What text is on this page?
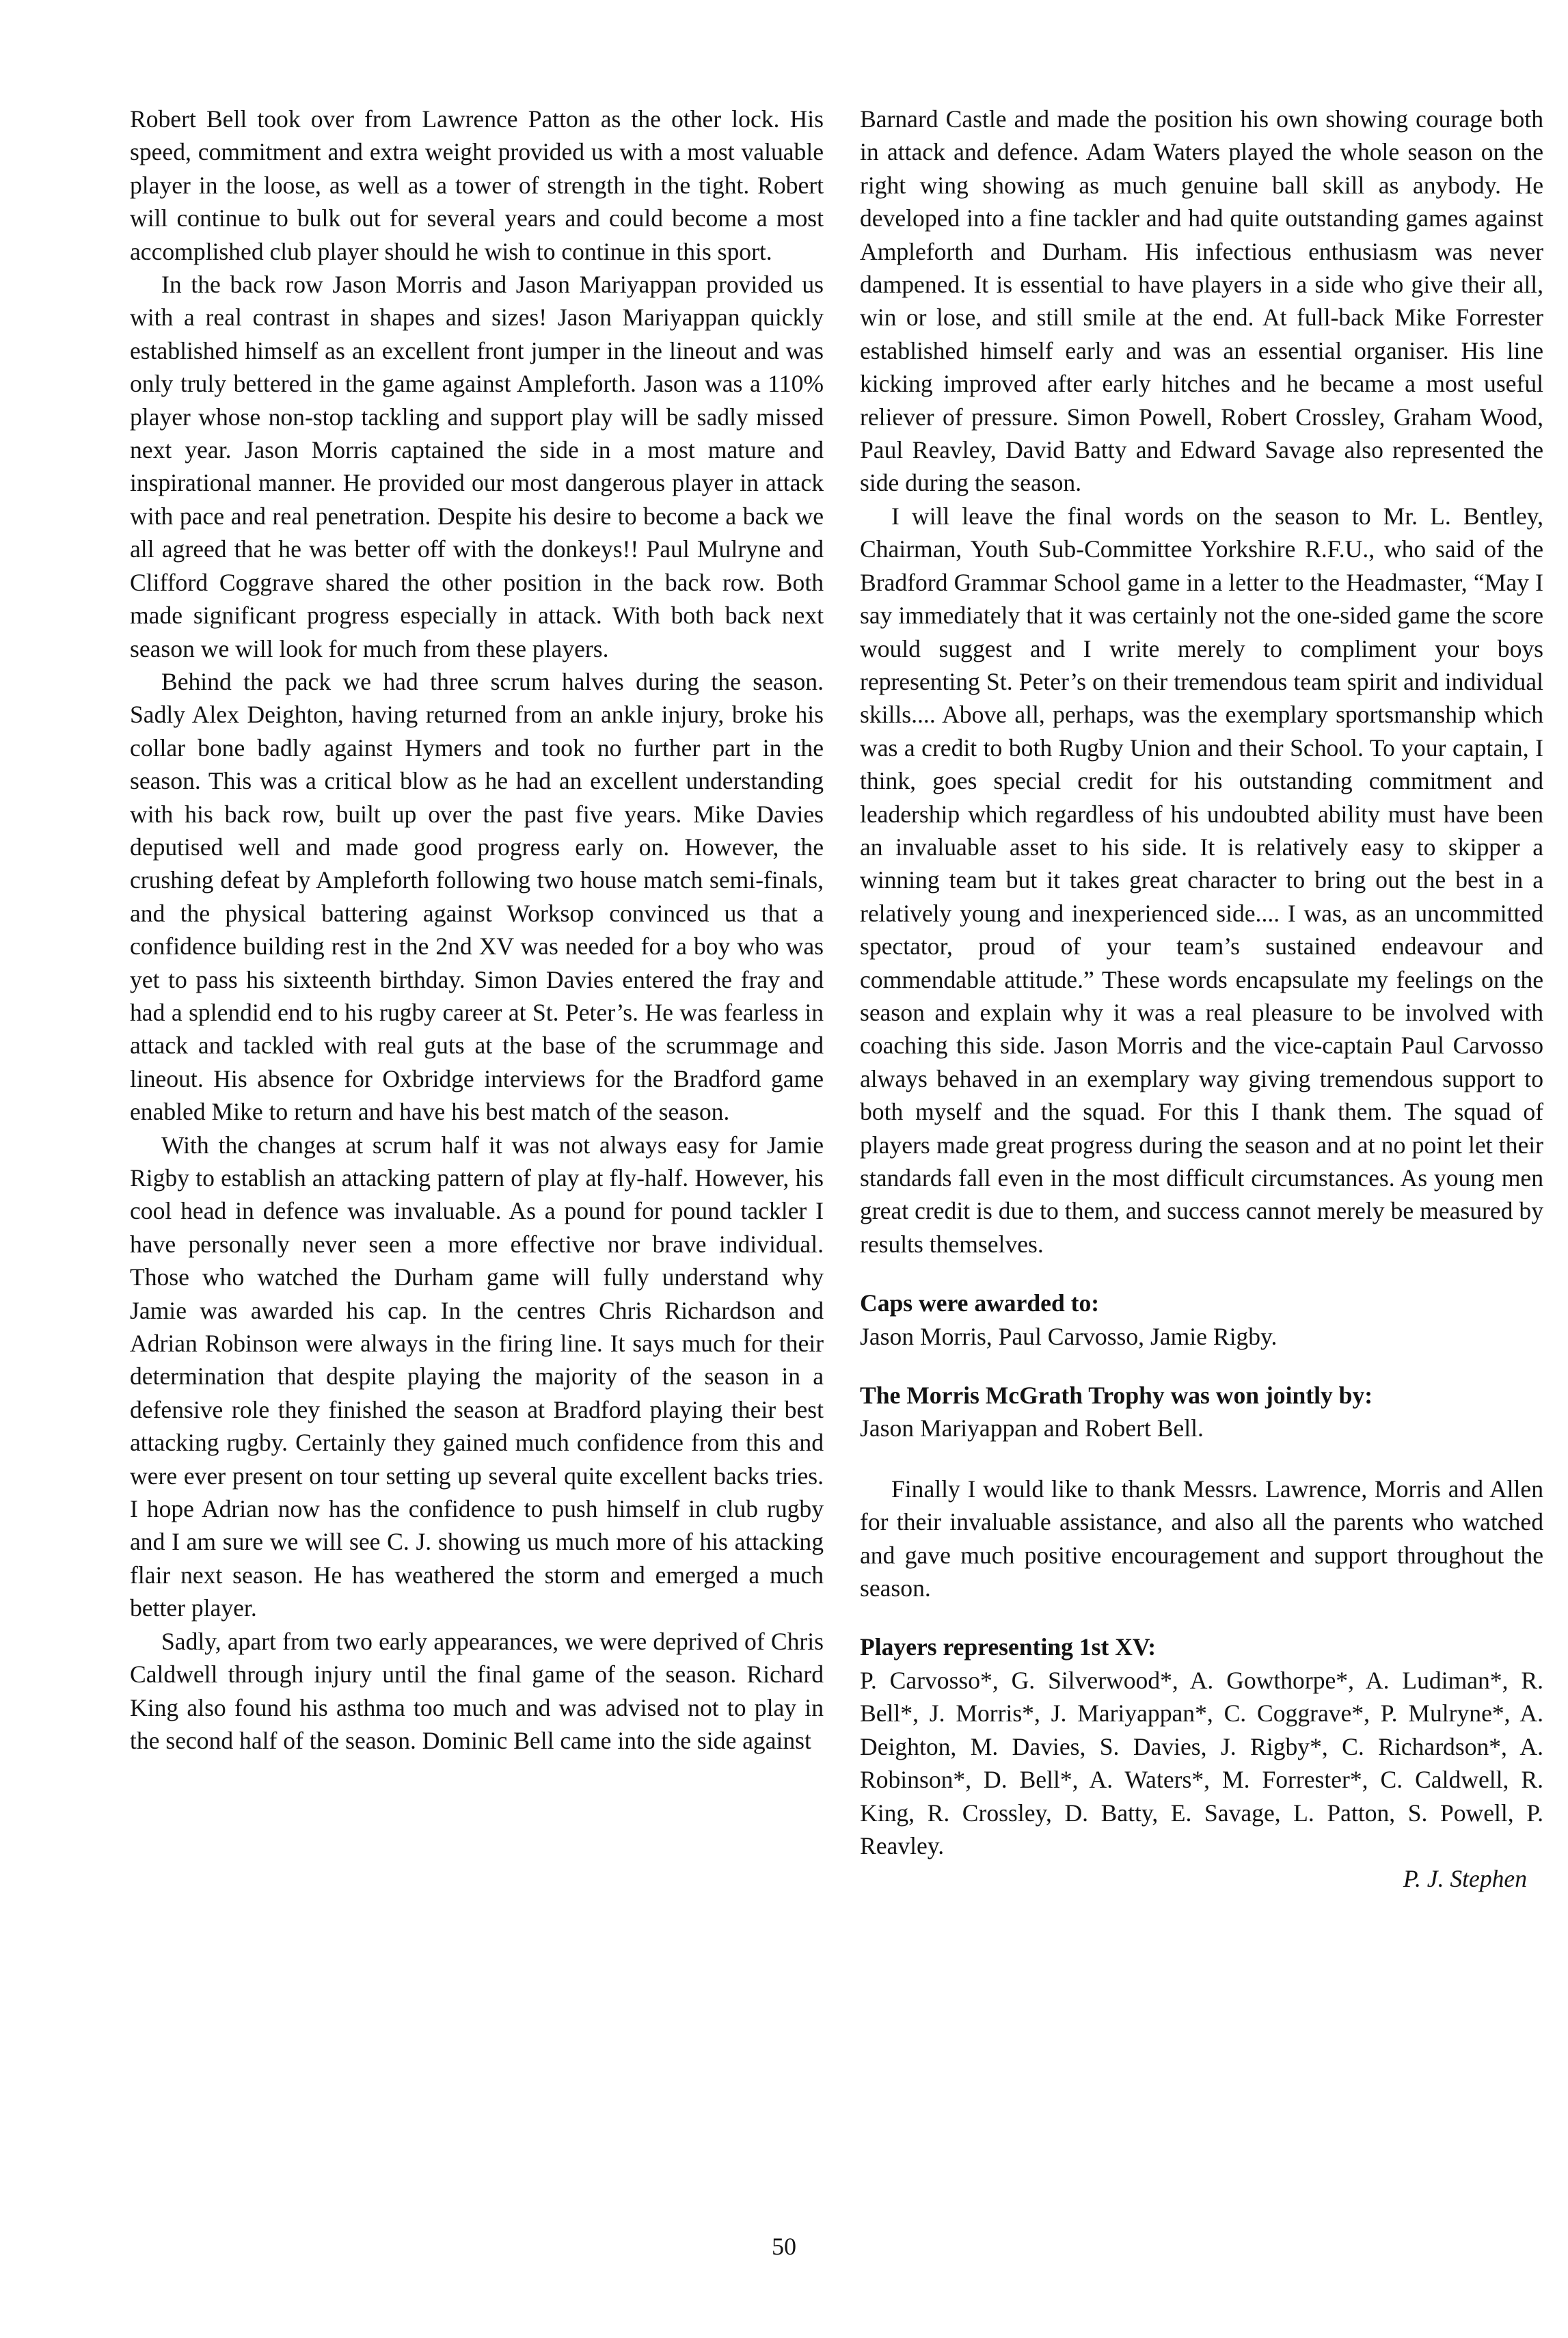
Robert Bell took over from Lawrence Patton as the other lock. His speed, commitment and extra weight provided us with a most valuable player in the loose, as well as a tower of strength in the tight. Robert will continue to bulk out for several years and could become a most accomplished club player should he wish to continue in this sport.

In the back row Jason Morris and Jason Mariyappan provided us with a real contrast in shapes and sizes! Jason Mariyappan quickly established himself as an excellent front jumper in the lineout and was only truly bettered in the game against Ampleforth. Jason was a 110% player whose non-stop tackling and support play will be sadly missed next year. Jason Morris captained the side in a most mature and inspirational manner. He provided our most dangerous player in attack with pace and real penetration. Despite his desire to become a back we all agreed that he was better off with the donkeys!! Paul Mulryne and Clifford Coggrave shared the other position in the back row. Both made significant progress especially in attack. With both back next season we will look for much from these players.

Behind the pack we had three scrum halves during the season. Sadly Alex Deighton, having returned from an ankle injury, broke his collar bone badly against Hymers and took no further part in the season. This was a critical blow as he had an excellent understanding with his back row, built up over the past five years. Mike Davies deputised well and made good progress early on. However, the crushing defeat by Ampleforth following two house match semi-finals, and the physical battering against Worksop convinced us that a confidence building rest in the 2nd XV was needed for a boy who was yet to pass his sixteenth birthday. Simon Davies entered the fray and had a splendid end to his rugby career at St. Peter’s. He was fearless in attack and tackled with real guts at the base of the scrummage and lineout. His absence for Oxbridge interviews for the Bradford game enabled Mike to return and have his best match of the season.

With the changes at scrum half it was not always easy for Jamie Rigby to establish an attacking pattern of play at fly-half. However, his cool head in defence was invaluable. As a pound for pound tackler I have personally never seen a more effective nor brave individual. Those who watched the Durham game will fully understand why Jamie was awarded his cap. In the centres Chris Richardson and Adrian Robinson were always in the firing line. It says much for their determination that despite playing the majority of the season in a defensive role they finished the season at Bradford playing their best attacking rugby. Certainly they gained much confidence from this and were ever present on tour setting up several quite excellent backs tries. I hope Adrian now has the confidence to push himself in club rugby and I am sure we will see C. J. showing us much more of his attacking flair next season. He has weathered the storm and emerged a much better player.

Sadly, apart from two early appearances, we were deprived of Chris Caldwell through injury until the final game of the season. Richard King also found his asthma too much and was advised not to play in the second half of the season. Dominic Bell came into the side against

Barnard Castle and made the position his own showing courage both in attack and defence. Adam Waters played the whole season on the right wing showing as much genuine ball skill as anybody. He developed into a fine tackler and had quite outstanding games against Ampleforth and Durham. His infectious enthusiasm was never dampened. It is essential to have players in a side who give their all, win or lose, and still smile at the end. At full-back Mike Forrester established himself early and was an essential organiser. His line kicking improved after early hitches and he became a most useful reliever of pressure. Simon Powell, Robert Crossley, Graham Wood, Paul Reavley, David Batty and Edward Savage also represented the side during the season.

I will leave the final words on the season to Mr. L. Bentley, Chairman, Youth Sub-Committee Yorkshire R.F.U., who said of the Bradford Grammar School game in a letter to the Headmaster, “May I say immediately that it was certainly not the one-sided game the score would suggest and I write merely to compliment your boys representing St. Peter’s on their tremendous team spirit and individual skills.... Above all, perhaps, was the exemplary sportsmanship which was a credit to both Rugby Union and their School. To your captain, I think, goes special credit for his outstanding commitment and leadership which regardless of his undoubted ability must have been an invaluable asset to his side. It is relatively easy to skipper a winning team but it takes great character to bring out the best in a relatively young and inexperienced side.... I was, as an uncommitted spectator, proud of your team’s sustained endeavour and commendable attitude.” These words encapsulate my feelings on the season and explain why it was a real pleasure to be involved with coaching this side. Jason Morris and the vice-captain Paul Carvosso always behaved in an exemplary way giving tremendous support to both myself and the squad. For this I thank them. The squad of players made great progress during the season and at no point let their standards fall even in the most difficult circumstances. As young men great credit is due to them, and success cannot merely be measured by results themselves.

Caps were awarded to:

Jason Morris, Paul Carvosso, Jamie Rigby.

The Morris McGrath Trophy was won jointly by:

Jason Mariyappan and Robert Bell.

Finally I would like to thank Messrs. Lawrence, Morris and Allen for their invaluable assistance, and also all the parents who watched and gave much positive encouragement and support throughout the season.

Players representing 1st XV:

P. Carvosso*, G. Silverwood*, A. Gowthorpe*, A. Ludiman*, R. Bell*, J. Morris*, J. Mariyappan*, C. Coggrave*, P. Mulryne*, A. Deighton, M. Davies, S. Davies, J. Rigby*, C. Richardson*, A. Robinson*, D. Bell*, A. Waters*, M. Forrester*, C. Caldwell, R. King, R. Crossley, D. Batty, E. Savage, L. Patton, S. Powell, P. Reavley.

P. J. Stephen

50
